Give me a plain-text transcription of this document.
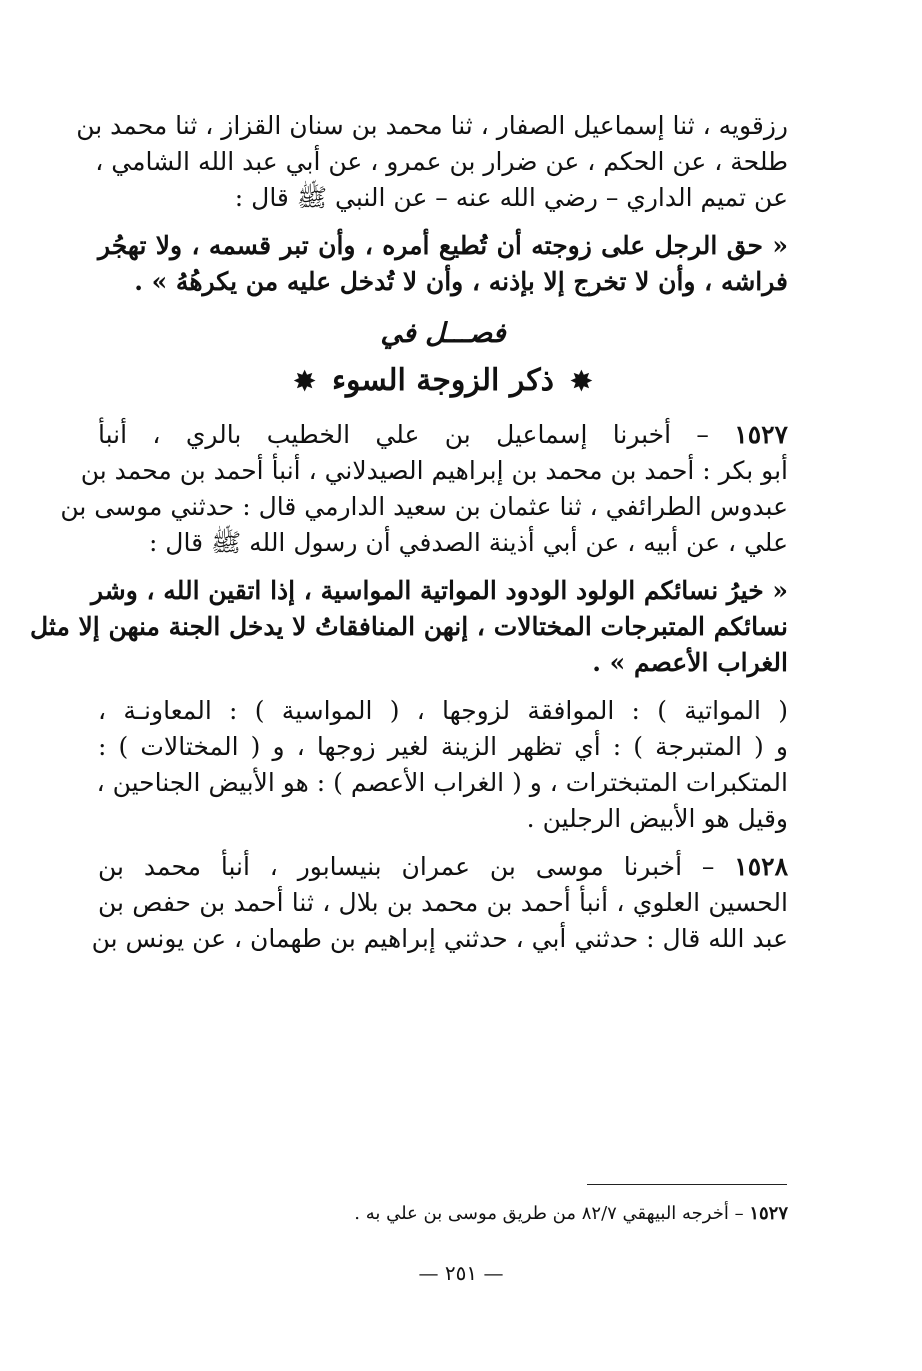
رزقويه ، ثنا إسماعيل الصفار ، ثنا محمد بن سنان القزاز ، ثنا محمد بن
طلحة ، عن الحكم ، عن ضرار بن عمرو ، عن أبي عبد الله الشامي ،
عن تميم الداري – رضي الله عنه – عن النبي ﷺ قال :
« حق الرجل على زوجته أن تُطيع أمره ، وأن تبر قسمه ، ولا تهجُر
فراشه ، وأن لا تخرج إلا بإذنه ، وأن لا تُدخل عليه من يكرهُهُ » .
فصـــل في
✸ ذكر الزوجة السوء ✸
١٥٢٧ – أخبرنا إسماعيل بن علي الخطيب بالري ، أنبأ
أبو بكر : أحمد بن محمد بن إبراهيم الصيدلاني ، أنبأ أحمد بن محمد بن
عبدوس الطرائفي ، ثنا عثمان بن سعيد الدارمي قال : حدثني موسى بن
علي ، عن أبيه ، عن أبي أذينة الصدفي أن رسول الله ﷺ قال :
« خيرُ نسائكم الولود الودود المواتية المواسية ، إذا اتقين الله ، وشر
نسائكم المتبرجات المختالات ، إنهن المنافقاتُ لا يدخل الجنة منهن إلا مثل
الغراب الأعصم » .
( المواتية ) : الموافقة لزوجها ، ( المواسية ) : المعاونـة ،
و ( المتبرجة ) : أي تظهر الزينة لغير زوجها ، و ( المختالات ) :
المتكبرات المتبخترات ، و ( الغراب الأعصم ) : هو الأبيض الجناحين ،
وقيل هو الأبيض الرجلين .
١٥٢٨ – أخبرنا موسى بن عمران بنيسابور ، أنبأ محمد بن
الحسين العلوي ، أنبأ أحمد بن محمد بن بلال ، ثنا أحمد بن حفص بن
عبد الله قال : حدثني أبي ، حدثني إبراهيم بن طهمان ، عن يونس بن
١٥٢٧ – أخرجه البيهقي ٨٢/٧ من طريق موسى بن علي به .
— ٢٥١ —
